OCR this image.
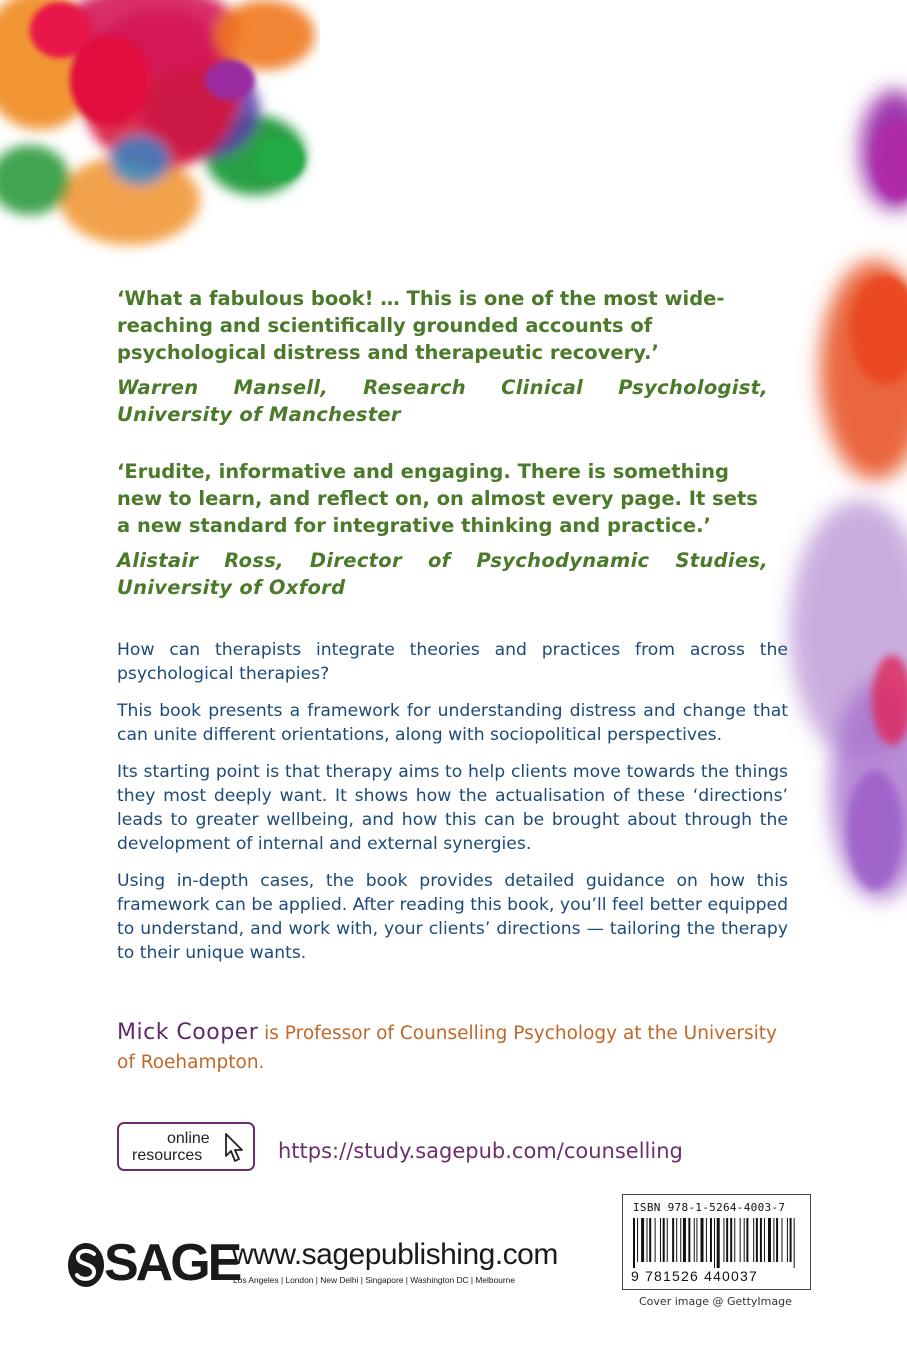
‘What a fabulous book! … This is one of the most wide-reaching and scientifically grounded accounts of psychological distress and therapeutic recovery.’

Warren Mansell, Research Clinical Psychologist, University of Manchester

‘Erudite, informative and engaging. There is something new to learn, and reflect on, on almost every page. It sets a new standard for integrative thinking and practice.’

Alistair Ross, Director of Psychodynamic Studies, University of Oxford

How can therapists integrate theories and practices from across the psychological therapies?

This book presents a framework for understanding distress and change that can unite different orientations, along with sociopolitical perspectives.

Its starting point is that therapy aims to help clients move towards the things they most deeply want. It shows how the actualisation of these ‘directions’ leads to greater wellbeing, and how this can be brought about through the development of internal and external synergies.

Using in-depth cases, the book provides detailed guidance on how this framework can be applied. After reading this book, you’ll feel better equipped to understand, and work with, your clients’ directions — tailoring the therapy to their unique wants.

Mick Cooper is Professor of Counselling Psychology at the University of Roehampton.
online
resources	https://study.sagepub.com/counselling
SAGE
www.sagepublishing.com
Los Angeles | London | New Delhi | Singapore | Washington DC | Melbourne
ISBN 978-1-5264-4003-7
9 781526 440037
Cover image @ GettyImage
